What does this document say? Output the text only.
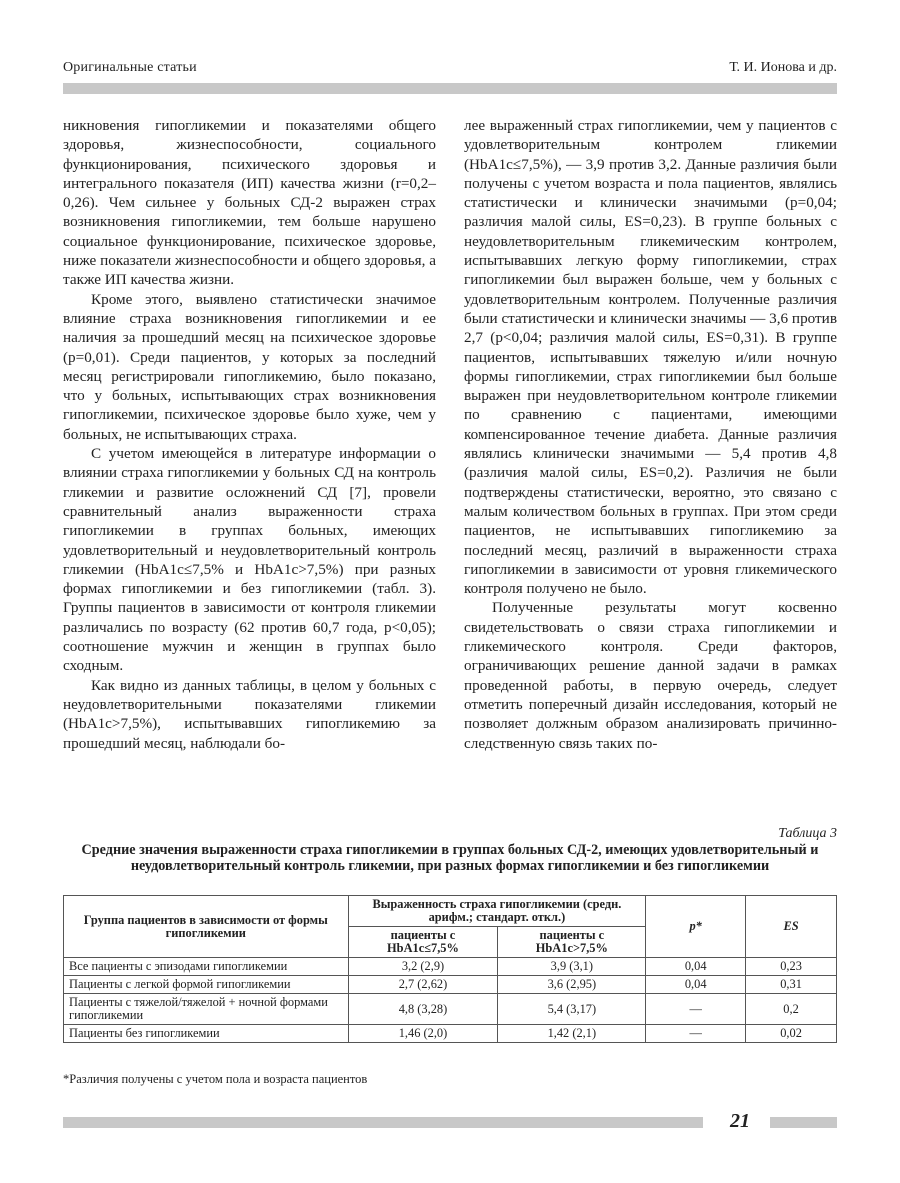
Оригинальные статьи	Т. И. Ионова и др.

никновения гипогликемии и показателями общего здоровья, жизнеспособности, социального функционирования, психического здоровья и интегрального показателя (ИП) качества жизни (r=0,2–0,26). Чем сильнее у больных СД-2 выражен страх возникновения гипогликемии, тем больше нарушено социальное функционирование, психическое здоровье, ниже показатели жизнеспособности и общего здоровья, а также ИП качества жизни.

Кроме этого, выявлено статистически значимое влияние страха возникновения гипогликемии и ее наличия за прошедший месяц на психическое здоровье (p=0,01). Среди пациентов, у которых за последний месяц регистрировали гипогликемию, было показано, что у больных, испытывающих страх возникновения гипогликемии, психическое здоровье было хуже, чем у больных, не испытывающих страха.

С учетом имеющейся в литературе информации о влиянии страха гипогликемии у больных СД на контроль гликемии и развитие осложнений СД [7], провели сравнительный анализ выраженности страха гипогликемии в группах больных, имеющих удовлетворительный и неудовлетворительный контроль гликемии (HbA1c≤7,5% и HbA1c>7,5%) при разных формах гипогликемии и без гипогликемии (табл. 3). Группы пациентов в зависимости от контроля гликемии различались по возрасту (62 против 60,7 года, p<0,05); соотношение мужчин и женщин в группах было сходным.

Как видно из данных таблицы, в целом у больных с неудовлетворительными показателями гликемии (HbA1c>7,5%), испытывавших гипогликемию за прошедший месяц, наблюдали бо-

лее выраженный страх гипогликемии, чем у пациентов с удовлетворительным контролем гликемии (HbA1c≤7,5%), — 3,9 против 3,2. Данные различия были получены с учетом возраста и пола пациентов, являлись статистически и клинически значимыми (p=0,04; различия малой силы, ES=0,23). В группе больных с неудовлетворительным гликемическим контролем, испытывавших легкую форму гипогликемии, страх гипогликемии был выражен больше, чем у больных с удовлетворительным контролем. Полученные различия были статистически и клинически значимы — 3,6 против 2,7 (p<0,04; различия малой силы, ES=0,31). В группе пациентов, испытывавших тяжелую и/или ночную формы гипогликемии, страх гипогликемии был больше выражен при неудовлетворительном контроле гликемии по сравнению с пациентами, имеющими компенсированное течение диабета. Данные различия являлись клинически значимыми — 5,4 против 4,8 (различия малой силы, ES=0,2). Различия не были подтверждены статистически, вероятно, это связано с малым количеством больных в группах. При этом среди пациентов, не испытывавших гипогликемию за последний месяц, различий в выраженности страха гипогликемии в зависимости от уровня гликемического контроля получено не было.

Полученные результаты могут косвенно свидетельствовать о связи страха гипогликемии и гликемического контроля. Среди факторов, ограничивающих решение данной задачи в рамках проведенной работы, в первую очередь, следует отметить поперечный дизайн исследования, который не позволяет должным образом анализировать причинно-следственную связь таких по-

Таблица 3
Средние значения выраженности страха гипогликемии в группах больных СД-2, имеющих удовлетворительный и неудовлетворительный контроль гликемии, при разных формах гипогликемии и без гипогликемии
Группа пациентов в зависимости от формы гипогликемии	Выраженность страха гипогликемии (средн. арифм.; стандарт. откл.)		p*	ES
	пациенты с HbA1c≤7,5%	пациенты с HbA1c>7,5%		
Все пациенты с эпизодами гипогликемии	3,2 (2,9)	3,9 (3,1)	0,04	0,23
Пациенты с легкой формой гипогликемии	2,7 (2,62)	3,6 (2,95)	0,04	0,31
Пациенты с тяжелой/тяжелой + ночной формами гипогликемии	4,8 (3,28)	5,4 (3,17)	—	0,2
Пациенты без гипогликемии	1,46 (2,0)	1,42 (2,1)	—	0,02
*Различия получены с учетом пола и возраста пациентов
21
